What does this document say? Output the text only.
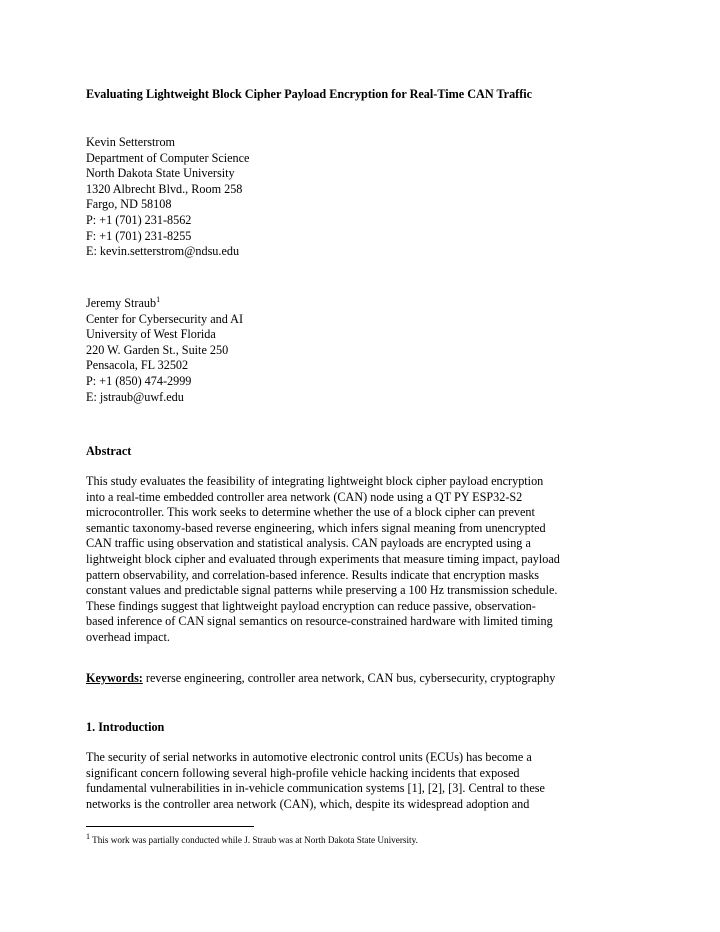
Evaluating Lightweight Block Cipher Payload Encryption for Real-Time CAN Traffic
Kevin Setterstrom
Department of Computer Science
North Dakota State University
1320 Albrecht Blvd., Room 258
Fargo, ND 58108
P: +1 (701) 231-8562
F: +1 (701) 231-8255
E: kevin.setterstrom@ndsu.edu
Jeremy Straub$^1$
Center for Cybersecurity and AI
University of West Florida
220 W. Garden St., Suite 250
Pensacola, FL 32502
P: +1 (850) 474-2999
E: jstraub@uwf.edu
Abstract
This study evaluates the feasibility of integrating lightweight block cipher payload encryption
into a real-time embedded controller area network (CAN) node using a QT PY ESP32-S2
microcontroller. This work seeks to determine whether the use of a block cipher can prevent
semantic taxonomy-based reverse engineering, which infers signal meaning from unencrypted
CAN traffic using observation and statistical analysis. CAN payloads are encrypted using a
lightweight block cipher and evaluated through experiments that measure timing impact, payload
pattern observability, and correlation-based inference. Results indicate that encryption masks
constant values and predictable signal patterns while preserving a 100 Hz transmission schedule.
These findings suggest that lightweight payload encryption can reduce passive, observation-
based inference of CAN signal semantics on resource-constrained hardware with limited timing
overhead impact.
Keywords: reverse engineering, controller area network, CAN bus, cybersecurity, cryptography
1. Introduction
The security of serial networks in automotive electronic control units (ECUs) has become a
significant concern following several high-profile vehicle hacking incidents that exposed
fundamental vulnerabilities in in-vehicle communication systems [1], [2], [3]. Central to these
networks is the controller area network (CAN), which, despite its widespread adoption and
$^1$ This work was partially conducted while J. Straub was at North Dakota State University.
